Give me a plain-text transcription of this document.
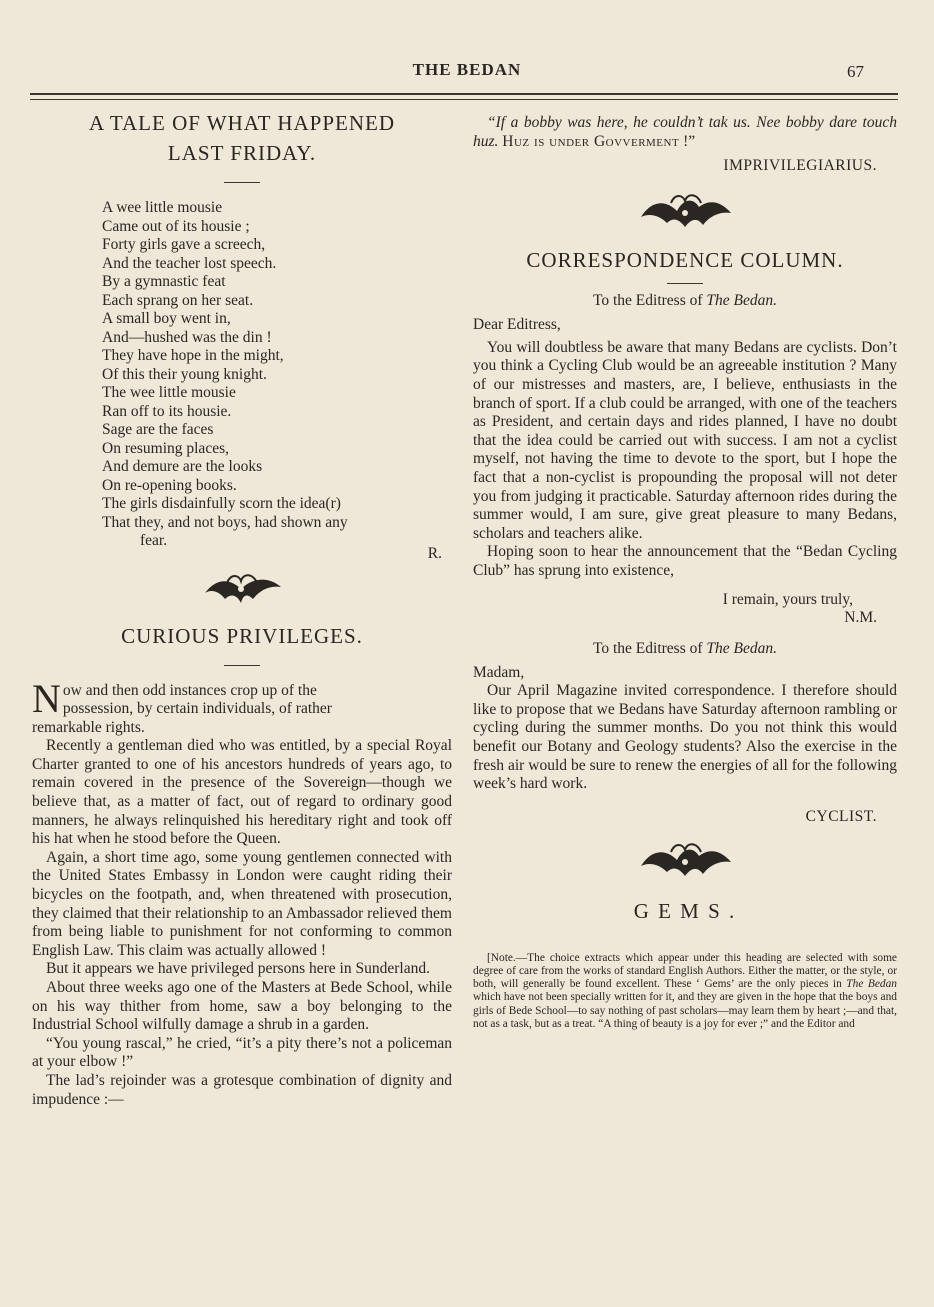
THE BEDAN	67
A TALE OF WHAT HAPPENED
LAST FRIDAY.
A wee little mousie
Came out of its housie ;
Forty girls gave a screech,
And the teacher lost speech.
By a gymnastic feat
Each sprang on her seat.
A small boy went in,
And—hushed was the din !
They have hope in the might,
Of this their young knight.
The wee little mousie
Ran off to its housie.
Sage are the faces
On resuming places,
And demure are the looks
On re-opening books.
The girls disdainfully scorn the idea(r)
That they, and not boys, had shown any
fear.
R.
CURIOUS PRIVILEGES.

Now and then odd instances crop up of the
possession, by certain individuals, of rather
remarkable rights.

Recently a gentleman died who was entitled, by a special Royal Charter granted to one of his ancestors hundreds of years ago, to remain covered in the presence of the Sovereign—though we believe that, as a matter of fact, out of regard to ordinary good manners, he always relinquished his hereditary right and took off his hat when he stood before the Queen.

Again, a short time ago, some young gentlemen connected with the United States Embassy in London were caught riding their bicycles on the footpath, and, when threatened with prosecution, they claimed that their relationship to an Ambassador relieved them from being liable to punishment for not conforming to common English Law. This claim was actually allowed !

But it appears we have privileged persons here in Sunderland.

About three weeks ago one of the Masters at Bede School, while on his way thither from home, saw a boy belonging to the Industrial School wilfully damage a shrub in a garden.

“You young rascal,” he cried, “it’s a pity there’s not a policeman at your elbow !”

The lad’s rejoinder was a grotesque combination of dignity and impudence :—

“If a bobby was here, he couldn’t tak us. Nee bobby dare touch huz. Huz is under Govverment !”

IMPRIVILEGIARIUS.
CORRESPONDENCE COLUMN.
To the Editress of The Bedan.

Dear Editress,

You will doubtless be aware that many Bedans are cyclists. Don’t you think a Cycling Club would be an agreeable institution ? Many of our mistresses and masters, are, I believe, enthusiasts in the branch of sport. If a club could be arranged, with one of the teachers as President, and certain days and rides planned, I have no doubt that the idea could be carried out with success. I am not a cyclist myself, not having the time to devote to the sport, but I hope the fact that a non-cyclist is propounding the proposal will not deter you from judging it practicable. Saturday afternoon rides during the summer would, I am sure, give great pleasure to many Bedans, scholars and teachers alike.

Hoping soon to hear the announcement that the “Bedan Cycling Club” has sprung into existence,

I remain, yours truly,
N.M.
To the Editress of The Bedan.

Madam,

Our April Magazine invited correspondence. I therefore should like to propose that we Bedans have Saturday afternoon rambling or cycling during the summer months. Do you not think this would benefit our Botany and Geology students? Also the exercise in the fresh air would be sure to renew the energies of all for the following week’s hard work.

CYCLIST.
G E M S .
[Note.—The choice extracts which appear under this heading are selected with some degree of care from the works of standard English Authors. Either the matter, or the style, or both, will generally be found excellent. These ‘ Gems’ are the only pieces in The Bedan which have not been specially written for it, and they are given in the hope that the boys and girls of Bede School—to say nothing of past scholars—may learn them by heart ;—and that, not as a task, but as a treat. “A thing of beauty is a joy for ever ;” and the Editor and
